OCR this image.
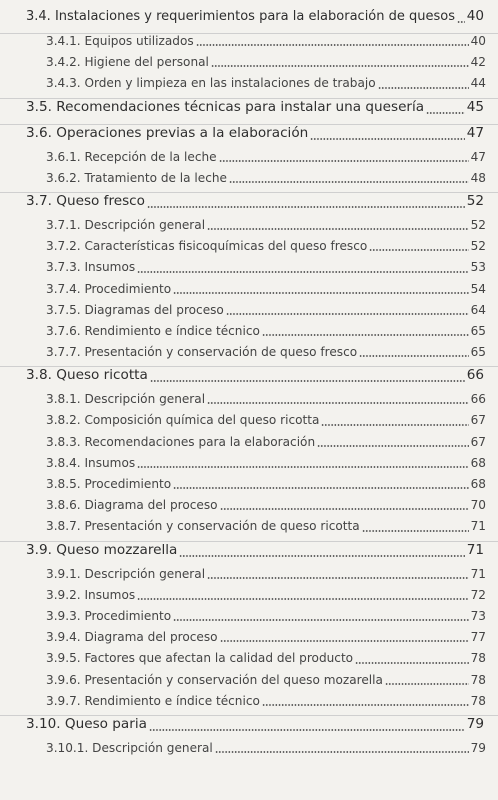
3.4. Instalaciones y requerimientos para la elaboración de quesos 40
3.4.1. Equipos utilizados	40
3.4.2. Higiene del personal	42
3.4.3. Orden y limpieza en las instalaciones de trabajo	44
3.5. Recomendaciones técnicas para instalar una quesería	45
3.6. Operaciones previas a la elaboración	47
3.6.1. Recepción de la leche	47
3.6.2. Tratamiento de la leche	48
3.7. Queso fresco	52
3.7.1. Descripción general	52
3.7.2. Características fisicoquímicas del queso fresco	52
3.7.3. Insumos	53
3.7.4. Procedimiento	54
3.7.5. Diagramas del proceso	64
3.7.6. Rendimiento e índice técnico	65
3.7.7. Presentación y conservación de queso fresco	65
3.8. Queso ricotta	66
3.8.1. Descripción general	66
3.8.2. Composición química del queso ricotta	67
3.8.3. Recomendaciones para la elaboración	67
3.8.4. Insumos	68
3.8.5. Procedimiento	68
3.8.6. Diagrama del proceso	70
3.8.7. Presentación y conservación de queso ricotta	71
3.9. Queso mozzarella	71
3.9.1. Descripción general	71
3.9.2. Insumos	72
3.9.3. Procedimiento	73
3.9.4. Diagrama del proceso	77
3.9.5. Factores que afectan la calidad del producto	78
3.9.6. Presentación y conservación del queso mozarella	78
3.9.7. Rendimiento e índice técnico	78
3.10. Queso paria	79
3.10.1. Descripción general	79
